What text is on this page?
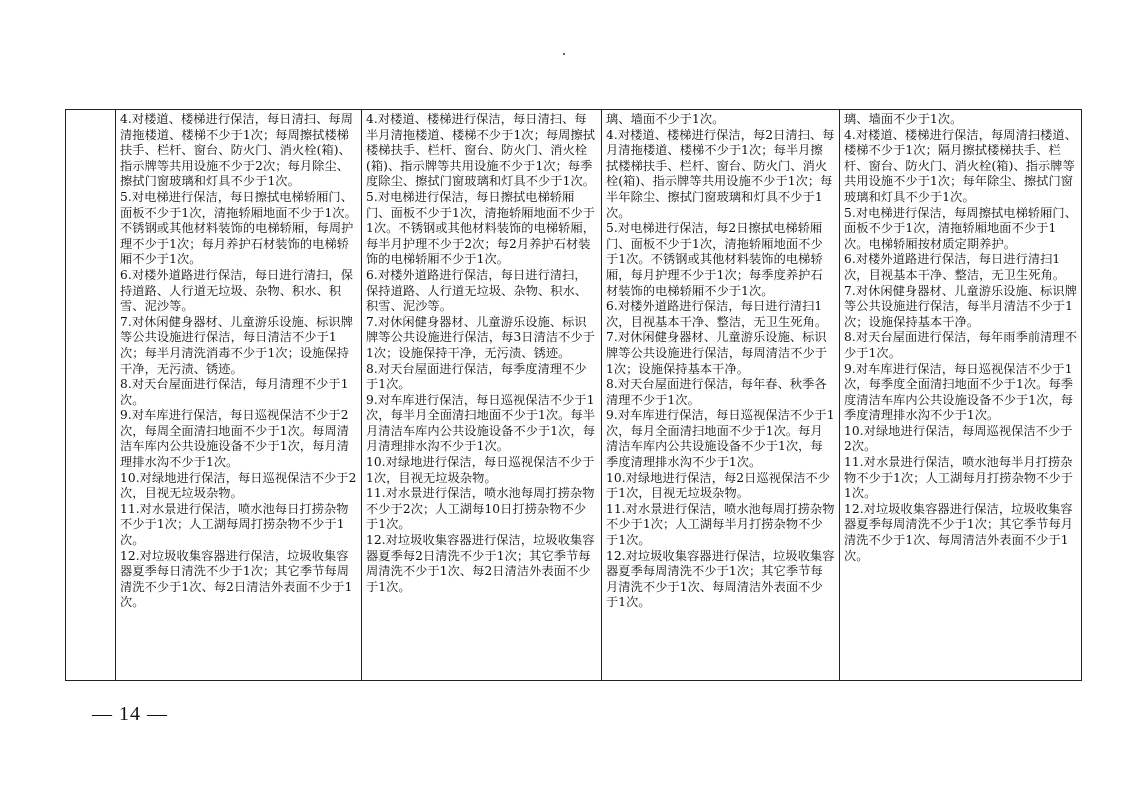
4.对楼道、楼梯进行保洁，每日清扫、每周清拖楼道、楼梯不少于1次；每周擦拭楼梯扶手、栏杆、窗台、防火门、消火栓(箱)、指示牌等共用设施不少于2次；每月除尘、擦拭门窗玻璃和灯具不少于1次。
5.对电梯进行保洁，每日擦拭电梯轿厢门、面板不少于1次，清拖轿厢地面不少于1次。不锈钢或其他材料装饰的电梯轿厢，每周护理不少于1次；每月养护石材装饰的电梯轿厢不少于1次。
6.对楼外道路进行保洁，每日进行清扫，保持道路、人行道无垃圾、杂物、积水、积雪、泥沙等。
7.对休闲健身器材、儿童游乐设施、标识牌等公共设施进行保洁，每日清洁不少于1次；每半月清洗消毒不少于1次；设施保持干净，无污渍、锈迹。
8.对天台屋面进行保洁，每月清理不少于1次。
9.对车库进行保洁，每日巡视保洁不少于2次，每周全面清扫地面不少于1次。每周清洁车库内公共设施设备不少于1次，每月清理排水沟不少于1次。
10.对绿地进行保洁，每日巡视保洁不少于2次，目视无垃圾杂物。
11.对水景进行保洁，喷水池每日打捞杂物不少于1次；人工湖每周打捞杂物不少于1次。
12.对垃圾收集容器进行保洁，垃圾收集容器夏季每日清洗不少于1次；其它季节每周清洗不少于1次、每2日清洁外表面不少于1次。

4.对楼道、楼梯进行保洁，每日清扫、每半月清拖楼道、楼梯不少于1次；每周擦拭楼梯扶手、栏杆、窗台、防火门、消火栓(箱)、指示牌等共用设施不少于1次；每季度除尘、擦拭门窗玻璃和灯具不少于1次。
5.对电梯进行保洁，每日擦拭电梯轿厢门、面板不少于1次，清拖轿厢地面不少于1次。不锈钢或其他材料装饰的电梯轿厢，每半月护理不少于2次；每2月养护石材装饰的电梯轿厢不少于1次。
6.对楼外道路进行保洁，每日进行清扫，保持道路、人行道无垃圾、杂物、积水、积雪、泥沙等。
7.对休闲健身器材、儿童游乐设施、标识牌等公共设施进行保洁，每3日清洁不少于1次；设施保持干净，无污渍、锈迹。
8.对天台屋面进行保洁，每季度清理不少于1次。
9.对车库进行保洁，每日巡视保洁不少于1次，每半月全面清扫地面不少于1次。每半月清洁车库内公共设施设备不少于1次，每月清理排水沟不少于1次。
10.对绿地进行保洁，每日巡视保洁不少于1次，目视无垃圾杂物。
11.对水景进行保洁，喷水池每周打捞杂物不少于2次；人工湖每10日打捞杂物不少于1次。
12.对垃圾收集容器进行保洁，垃圾收集容器夏季每2日清洗不少于1次；其它季节每周清洗不少于1次、每2日清洁外表面不少于1次。

璃、墙面不少于1次。
4.对楼道、楼梯进行保洁，每2日清扫、每月清拖楼道、楼梯不少于1次；每半月擦拭楼梯扶手、栏杆、窗台、防火门、消火栓(箱)、指示牌等共用设施不少于1次；每半年除尘、擦拭门窗玻璃和灯具不少于1次。
5.对电梯进行保洁，每2日擦拭电梯轿厢门、面板不少于1次，清拖轿厢地面不少于1次。不锈钢或其他材料装饰的电梯轿厢，每月护理不少于1次；每季度养护石材装饰的电梯轿厢不少于1次。
6.对楼外道路进行保洁，每日进行清扫1次，目视基本干净、整洁，无卫生死角。
7.对休闲健身器材、儿童游乐设施、标识牌等公共设施进行保洁，每周清洁不少于1次；设施保持基本干净。
8.对天台屋面进行保洁，每年春、秋季各清理不少于1次。
9.对车库进行保洁，每日巡视保洁不少于1次，每月全面清扫地面不少于1次。每月清洁车库内公共设施设备不少于1次，每季度清理排水沟不少于1次。
10.对绿地进行保洁，每2日巡视保洁不少于1次，目视无垃圾杂物。
11.对水景进行保洁，喷水池每周打捞杂物不少于1次；人工湖每半月打捞杂物不少于1次。
12.对垃圾收集容器进行保洁，垃圾收集容器夏季每周清洗不少于1次；其它季节每月清洗不少于1次、每周清洁外表面不少于1次。

璃、墙面不少于1次。
4.对楼道、楼梯进行保洁，每周清扫楼道、楼梯不少于1次；隔月擦拭楼梯扶手、栏杆、窗台、防火门、消火栓(箱)、指示牌等共用设施不少于1次；每年除尘、擦拭门窗玻璃和灯具不少于1次。
5.对电梯进行保洁，每周擦拭电梯轿厢门、面板不少于1次，清拖轿厢地面不少于1次。电梯轿厢按材质定期养护。
6.对楼外道路进行保洁，每日进行清扫1次，目视基本干净、整洁，无卫生死角。
7.对休闲健身器材、儿童游乐设施、标识牌等公共设施进行保洁，每半月清洁不少于1次；设施保持基本干净。
8.对天台屋面进行保洁，每年雨季前清理不少于1次。
9.对车库进行保洁，每日巡视保洁不少于1次，每季度全面清扫地面不少于1次。每季度清洁车库内公共设施设备不少于1次，每季度清理排水沟不少于1次。
10.对绿地进行保洁，每周巡视保洁不少于2次。
11.对水景进行保洁，喷水池每半月打捞杂物不少于1次；人工湖每月打捞杂物不少于1次。
12.对垃圾收集容器进行保洁，垃圾收集容器夏季每周清洗不少于1次；其它季节每月清洗不少于1次、每周清洁外表面不少于1次。
— 14 —
